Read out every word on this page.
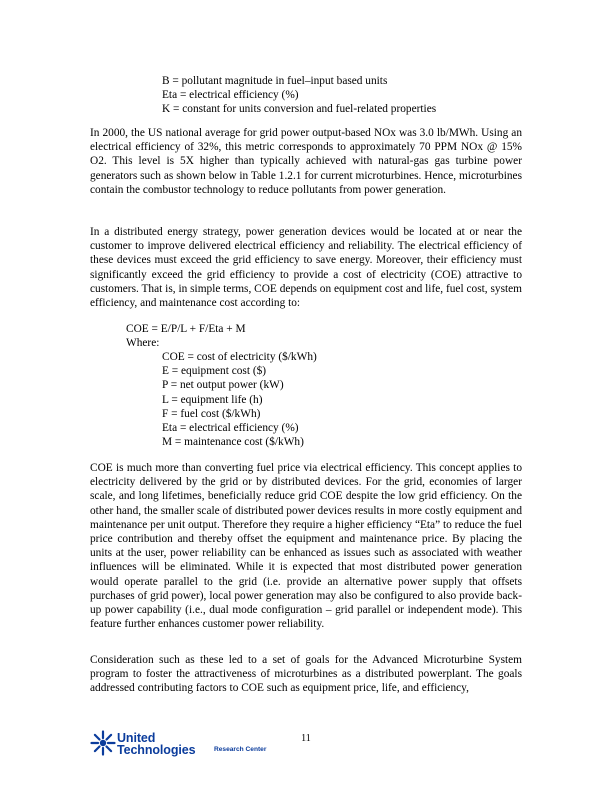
B = pollutant magnitude in fuel–input based units
Eta = electrical efficiency (%)
K = constant for units conversion and fuel-related properties

In 2000, the US national average for grid power output-based NOx was 3.0 lb/MWh. Using an electrical efficiency of 32%, this metric corresponds to approximately 70 PPM NOx @ 15% O2. This level is 5X higher than typically achieved with natural-gas gas turbine power generators such as shown below in Table 1.2.1 for current microturbines. Hence, microturbines contain the combustor technology to reduce pollutants from power generation.

In a distributed energy strategy, power generation devices would be located at or near the customer to improve delivered electrical efficiency and reliability. The electrical efficiency of these devices must exceed the grid efficiency to save energy. Moreover, their efficiency must significantly exceed the grid efficiency to provide a cost of electricity (COE) attractive to customers. That is, in simple terms, COE depends on equipment cost and life, fuel cost, system efficiency, and maintenance cost according to:

COE = E/P/L + F/Eta + M
Where:
COE = cost of electricity ($/kWh)
E = equipment cost ($)
P = net output power (kW)
L = equipment life (h)
F = fuel cost ($/kWh)
Eta = electrical efficiency (%)
M = maintenance cost ($/kWh)

COE is much more than converting fuel price via electrical efficiency. This concept applies to electricity delivered by the grid or by distributed devices. For the grid, economies of larger scale, and long lifetimes, beneficially reduce grid COE despite the low grid efficiency. On the other hand, the smaller scale of distributed power devices results in more costly equipment and maintenance per unit output. Therefore they require a higher efficiency “Eta” to reduce the fuel price contribution and thereby offset the equipment and maintenance price. By placing the units at the user, power reliability can be enhanced as issues such as associated with weather influences will be eliminated. While it is expected that most distributed power generation would operate parallel to the grid (i.e. provide an alternative power supply that offsets purchases of grid power), local power generation may also be configured to also provide back-up power capability (i.e., dual mode configuration – grid parallel or independent mode). This feature further enhances customer power reliability.

Consideration such as these led to a set of goals for the Advanced Microturbine System program to foster the attractiveness of microturbines as a distributed powerplant. The goals addressed contributing factors to COE such as equipment price, life, and efficiency,

11
United
Technologies	Research Center
